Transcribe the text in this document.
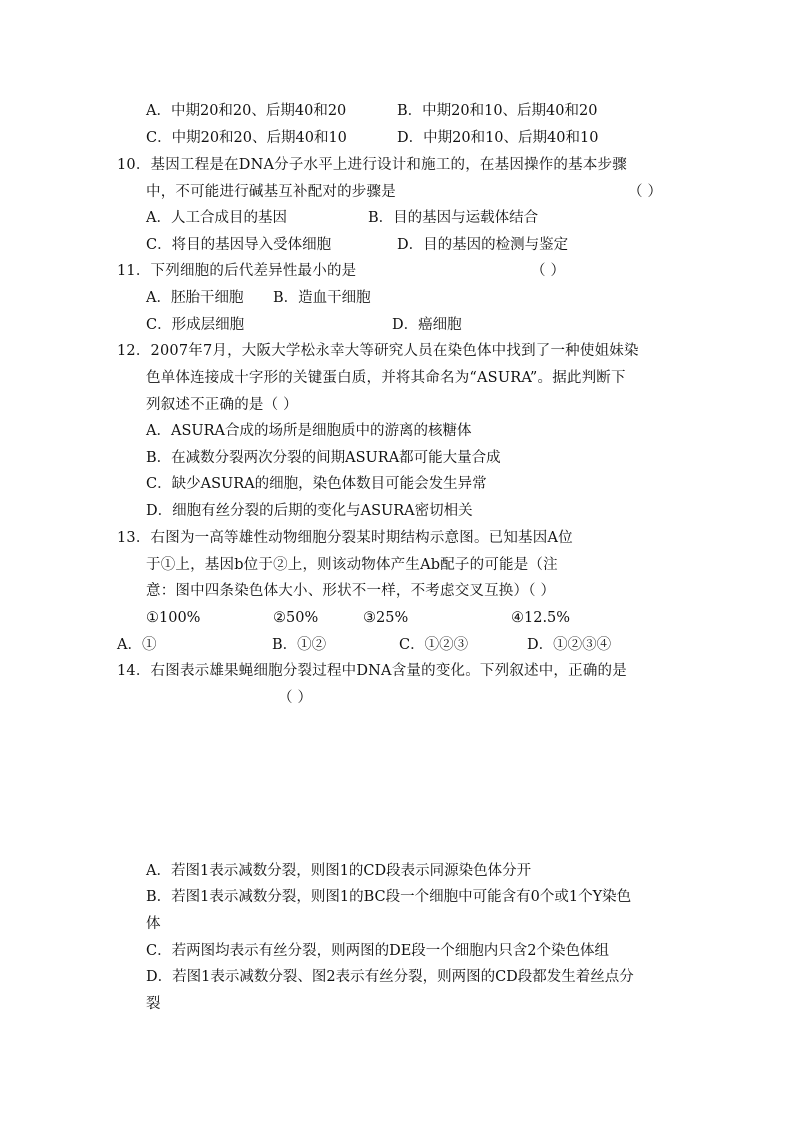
A．中期20和20、后期40和20	B．中期20和10、后期40和20
C．中期20和20、后期40和10	D．中期20和10、后期40和10
10．基因工程是在DNA分子水平上进行设计和施工的，在基因操作的基本步骤
中，不可能进行碱基互补配对的步骤是	（ ）
A．人工合成目的基因	B．目的基因与运载体结合
C．将目的基因导入受体细胞	D．目的基因的检测与鉴定
11．下列细胞的后代差异性最小的是	（ ）
A．胚胎干细胞 B．造血干细胞
C．形成层细胞	D．癌细胞
12．2007年7月，大阪大学松永幸大等研究人员在染色体中找到了一种使姐妹染
色单体连接成十字形的关键蛋白质，并将其命名为“ASURA”。据此判断下
列叙述不正确的是（ ）
A．ASURA合成的场所是细胞质中的游离的核糖体
B．在减数分裂两次分裂的间期ASURA都可能大量合成
C．缺少ASURA的细胞，染色体数目可能会发生异常
D．细胞有丝分裂的后期的变化与ASURA密切相关
13．右图为一高等雄性动物细胞分裂某时期结构示意图。已知基因A位
于①上，基因b位于②上，则该动物体产生Ab配子的可能是（注
意：图中四条染色体大小、形状不一样，不考虑交叉互换）（ ）
①100%	②50%	③25%	④12.5%
A．①	B．①②	C．①②③	D．①②③④
14．右图表示雄果蝇细胞分裂过程中DNA含量的变化。下列叙述中，正确的是
（ ）
A．若图1表示减数分裂，则图1的CD段表示同源染色体分开
B．若图1表示减数分裂，则图1的BC段一个细胞中可能含有0个或1个Y染色
体
C．若两图均表示有丝分裂，则两图的DE段一个细胞内只含2个染色体组
D．若图1表示减数分裂、图2表示有丝分裂，则两图的CD段都发生着丝点分
裂
